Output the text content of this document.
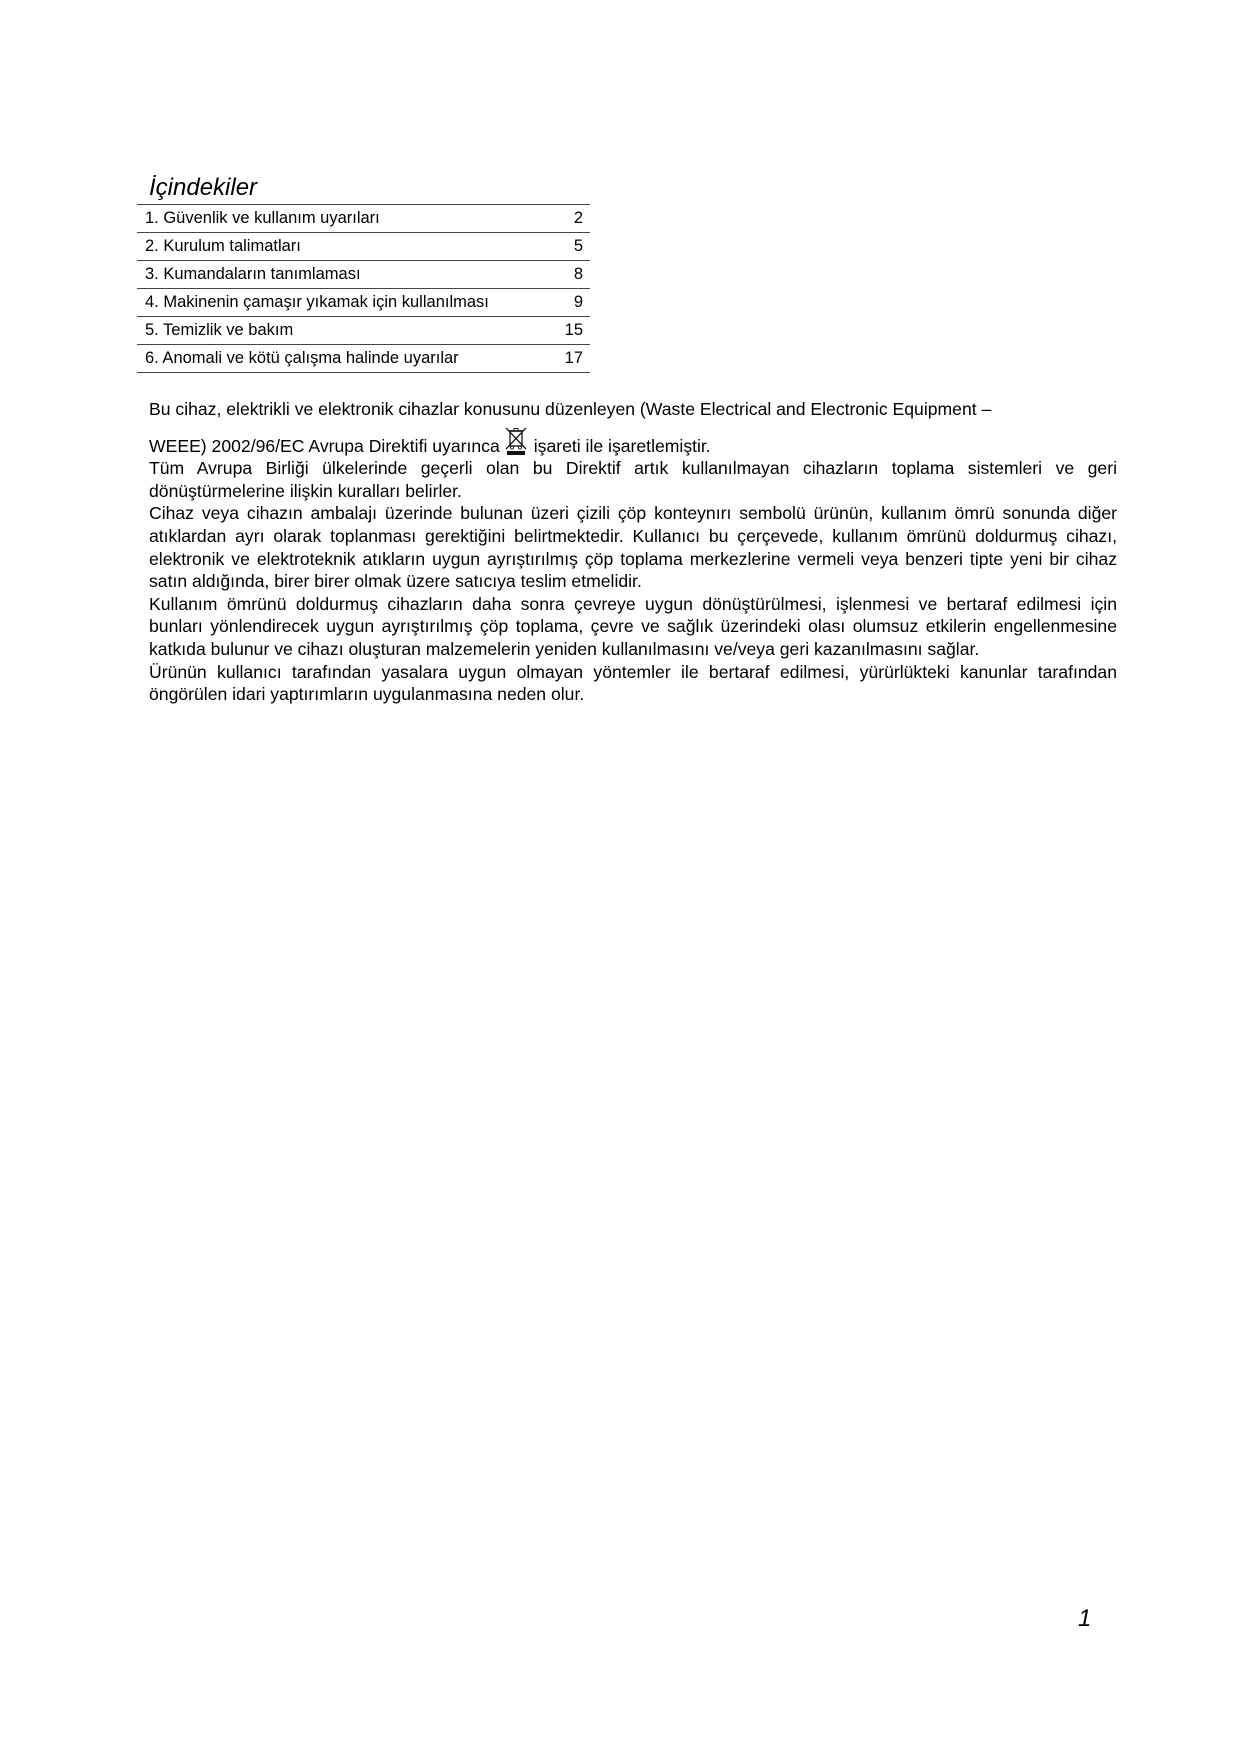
İçindekiler
1. Güvenlik ve kullanım uyarıları	2
2. Kurulum talimatları	5
3. Kumandaların tanımlaması	8
4. Makinenin çamaşır yıkamak için kullanılması	9
5. Temizlik ve bakım	15
6. Anomali ve kötü çalışma halinde uyarılar	17

Bu cihaz, elektrikli ve elektronik cihazlar konusunu düzenleyen (Waste Electrical and Electronic Equipment –

WEEE) 2002/96/EC Avrupa Direktifi uyarınca işareti ile işaretlemiştir.

Tüm Avrupa Birliği ülkelerinde geçerli olan bu Direktif artık kullanılmayan cihazların toplama sistemleri ve geri dönüştürmelerine ilişkin kuralları belirler.

Cihaz veya cihazın ambalajı üzerinde bulunan üzeri çizili çöp konteynırı sembolü ürünün, kullanım ömrü sonunda diğer atıklardan ayrı olarak toplanması gerektiğini belirtmektedir. Kullanıcı bu çerçevede, kullanım ömrünü doldurmuş cihazı, elektronik ve elektroteknik atıkların uygun ayrıştırılmış çöp toplama merkezlerine vermeli veya benzeri tipte yeni bir cihaz satın aldığında, birer birer olmak üzere satıcıya teslim etmelidir.

Kullanım ömrünü doldurmuş cihazların daha sonra çevreye uygun dönüştürülmesi, işlenmesi ve bertaraf edilmesi için bunları yönlendirecek uygun ayrıştırılmış çöp toplama, çevre ve sağlık üzerindeki olası olumsuz etkilerin engellenmesine katkıda bulunur ve cihazı oluşturan malzemelerin yeniden kullanılmasını ve/veya geri kazanılmasını sağlar.

Ürünün kullanıcı tarafından yasalara uygun olmayan yöntemler ile bertaraf edilmesi, yürürlükteki kanunlar tarafından öngörülen idari yaptırımların uygulanmasına neden olur.

1
